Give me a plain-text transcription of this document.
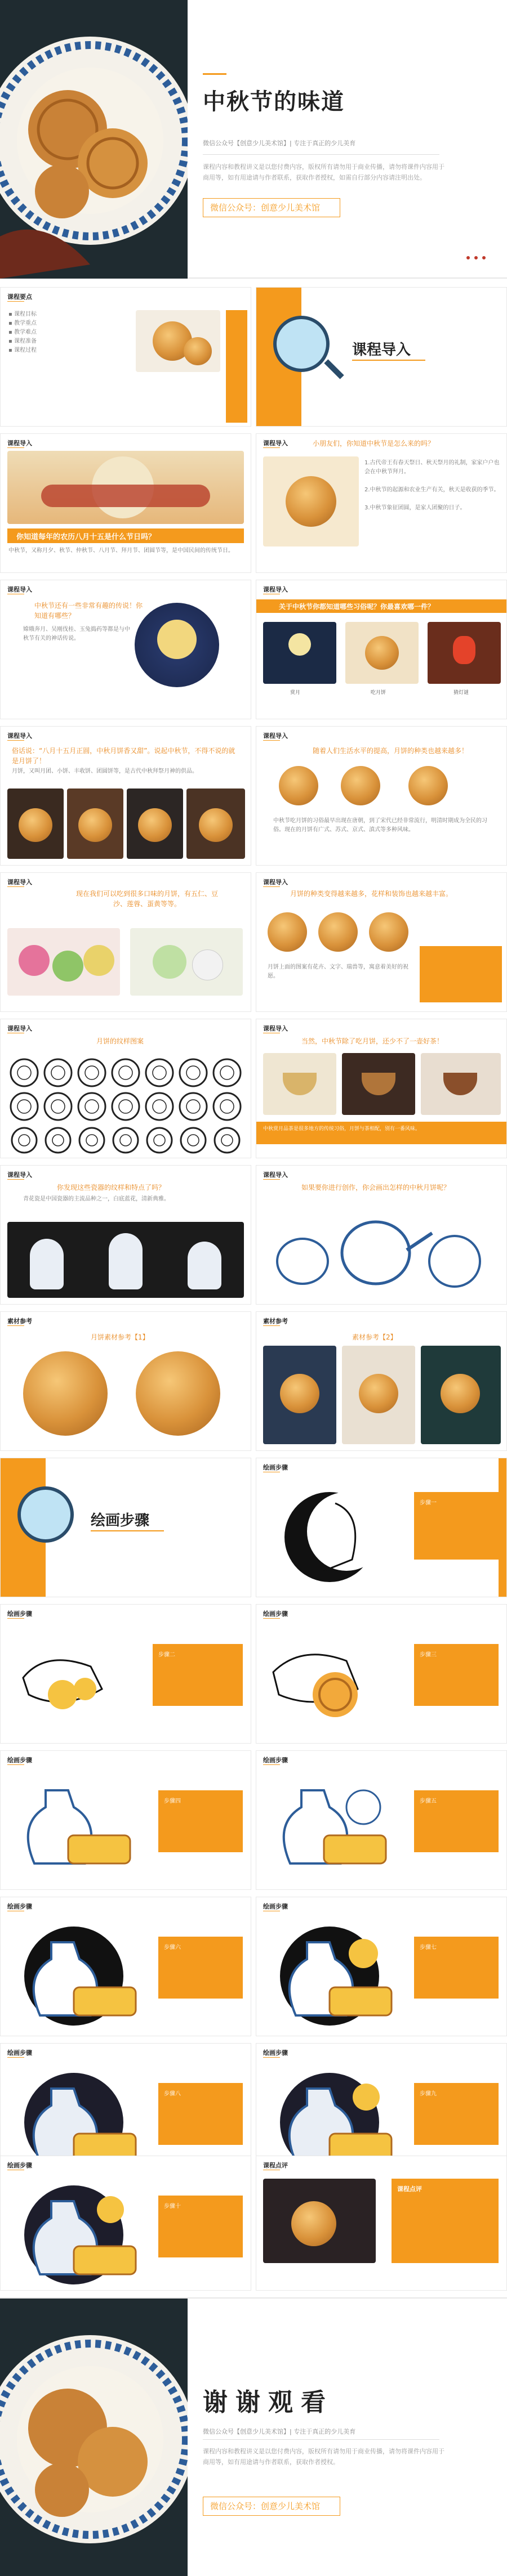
中秋节的味道
微信公众号【创意少儿美术馆】| 专注于真正的少儿美育
课程内容和教程讲义是以您付费内容，版权所有请勿用于商业传播，请勿将课件内容用于商用等，如有用途请与作者联系，获取作者授权，如需自行部分内容请注明出处。
微信公众号：创意少儿美术馆
课程要点
▪ 课程目标
▪ 教学重点
▪ 教学难点
▪ 课程准备
▪ 课程过程	课程导入
课程导入
你知道每年的农历八月十五是什么节日吗？
中秋节，又称月夕、秋节、仲秋节、八月节、拜月节、团圆节等，是中国民间的传统节日。
课程导入	小朋友们，你知道中秋节是怎么来的吗？
1.古代帝王有春天祭日、秋天祭月的礼制，家家户户也会在中秋节拜月。

2.中秋节的起源和农业生产有关，秋天是收获的季节。

3.中秋节象征团圆，是家人团聚的日子。
课程导入
中秋节还有一些非常有趣的传说！你知道有哪些？
嫦娥奔月、吴刚伐桂、玉兔捣药等都是与中秋节有关的神话传说。
课程导入
关于中秋节你都知道哪些习俗呢？你最喜欢哪一件？
赏月	吃月饼	猜灯谜
课程导入
俗话说：“八月十五月正圆，中秋月饼香又甜”。说起中秋节，不得不说的就是月饼了！
月饼，又叫月团、小饼、丰收饼、团圆饼等，是古代中秋拜祭月神的供品。
课程导入
随着人们生活水平的提高，月饼的种类也越来越多！
中秋节吃月饼的习俗最早出现在唐朝，到了宋代已经非常流行，明清时期成为全民的习俗。现在的月饼有广式、苏式、京式、滇式等多种风味。
课程导入
现在我们可以吃到很多口味的月饼，有五仁、豆沙、莲蓉、蛋黄等等。
课程导入
月饼的种类变得越来越多，花样和装饰也越来越丰富。
月饼上面的图案有花卉、文字、瑞兽等，寓意着美好的祝愿。
课程导入
月饼的纹样图案
课程导入
当然，中秋节除了吃月饼，还少不了一壶好茶！
中秋赏月品茶是很多地方的传统习俗，月饼与茶相配，别有一番风味。
课程导入
你发现这些瓷器的纹样和特点了吗？
青花瓷是中国瓷器的主流品种之一，白底蓝花，清新典雅。
课程导入
如果要你进行创作，你会画出怎样的中秋月饼呢？
素材参考
月饼素材参考【1】
素材参考
素材参考【2】
绘画步骤
绘画步骤
步骤一
绘画步骤
步骤二
绘画步骤
步骤三
绘画步骤
步骤四
绘画步骤
步骤五
绘画步骤
步骤六
绘画步骤
步骤七
绘画步骤
步骤八
绘画步骤
步骤九
绘画步骤
步骤十
课程点评
课程点评
谢谢观看
微信公众号【创意少儿美术馆】| 专注于真正的少儿美育
课程内容和教程讲义是以您付费内容，版权所有请勿用于商业传播，请勿将课件内容用于商用等，如有用途请与作者联系，获取作者授权。
微信公众号：创意少儿美术馆
